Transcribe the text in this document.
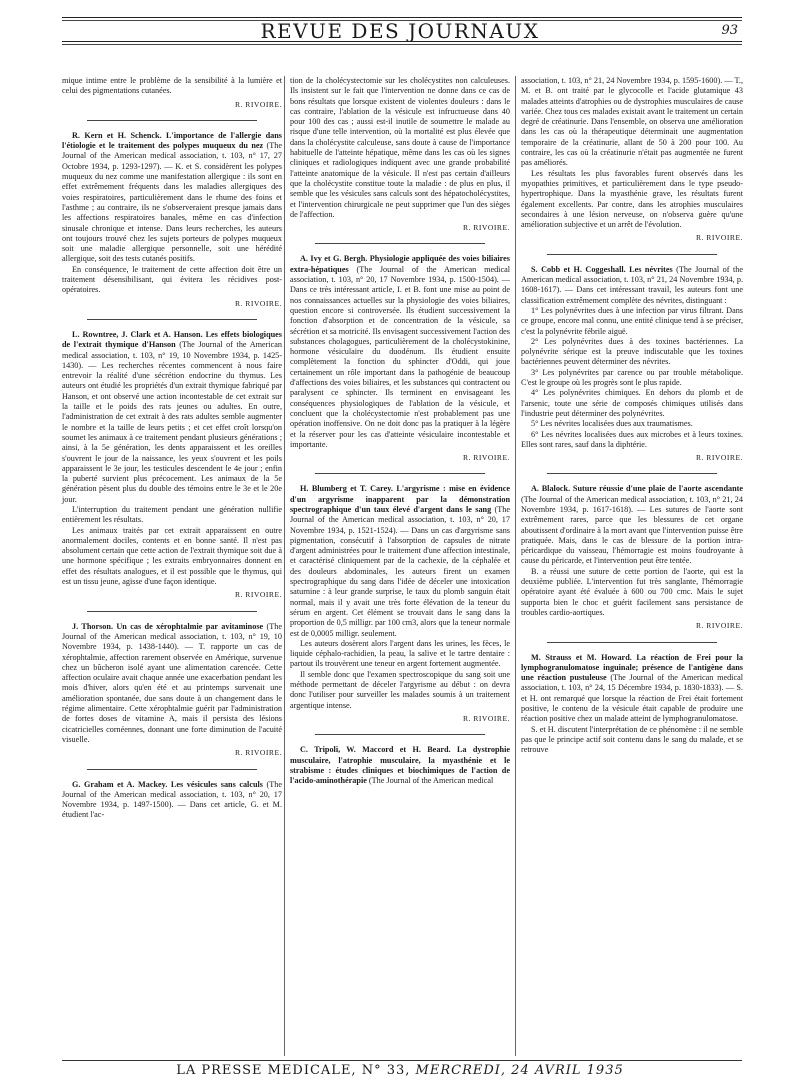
REVUE DES JOURNAUX	93

mique intime entre le problème de la sensibilité à la lumière et celui des pigmentations cutanées.

R. RIVOIRE.

R. Kern et H. Schenck. L'importance de l'allergie dans l'étiologie et le traitement des polypes muqueux du nez (The Journal of the American medical association, t. 103, n° 17, 27 Octobre 1934, p. 1293-1297). — K. et S. considèrent les polypes muqueux du nez comme une manifestation allergique : ils sont en effet extrêmement fréquents dans les maladies allergiques des voies respiratoires, particulièrement dans le rhume des foins et l'asthme ; au contraire, ils ne s'observeraient presque jamais dans les affections respiratoires banales, même en cas d'infection sinusale chronique et intense. Dans leurs recherches, les auteurs ont toujours trouvé chez les sujets porteurs de polypes muqueux soit une maladie allergique personnelle, soit une hérédité allergique, soit des tests cutanés positifs.

En conséquence, le traitement de cette affection doit être un traitement désensibilisant, qui évitera les récidives post-opératoires.

R. RIVOIRE.

L. Rowntree, J. Clark et A. Hanson. Les effets biologiques de l'extrait thymique d'Hanson (The Journal of the American medical association, t. 103, n° 19, 10 Novembre 1934, p. 1425-1430). — Les recherches récentes commencent à nous faire entrevoir la réalité d'une sécrétion endocrine du thymus. Les auteurs ont étudié les propriétés d'un extrait thymique fabriqué par Hanson, et ont observé une action incontestable de cet extrait sur la taille et le poids des rats jeunes ou adultes. En outre, l'administration de cet extrait à des rats adultes semble augmenter le nombre et la taille de leurs petits ; et cet effet croît lorsqu'on soumet les animaux à ce traitement pendant plusieurs générations ; ainsi, à la 5e génération, les dents apparaissent et les oreilles s'ouvrent le jour de la naissance, les yeux s'ouvrent et les poils apparaissent le 3e jour, les testicules descendent le 4e jour ; enfin la puberté survient plus précocement. Les animaux de la 5e génération pèsent plus du double des témoins entre le 3e et le 20e jour.

L'interruption du traitement pendant une génération nullifie entièrement les résultats.

Les animaux traités par cet extrait apparaissent en outre anormalement dociles, contents et en bonne santé. Il n'est pas absolument certain que cette action de l'extrait thymique soit due à une hormone spécifique ; les extraits embryonnaires donnent en effet des résultats analogues, et il est possible que le thymus, qui est un tissu jeune, agisse d'une façon identique.

R. RIVOIRE.

J. Thorson. Un cas de xérophtalmie par avitaminose (The Journal of the American medical association, t. 103, n° 19, 10 Novembre 1934, p. 1438-1440). — T. rapporte un cas de xérophtalmie, affection rarement observée en Amérique, survenue chez un bûcheron isolé ayant une alimentation carencée. Cette affection oculaire avait chaque année une exacerbation pendant les mois d'hiver, alors qu'en été et au printemps survenait une amélioration spontanée, due sans doute à un changement dans le régime alimentaire. Cette xérophtalmie guérit par l'administration de fortes doses de vitamine A, mais il persista des lésions cicatricielles cornéennes, donnant une forte diminution de l'acuité visuelle.

R. RIVOIRE.

G. Graham et A. Mackey. Les vésicules sans calculs (The Journal of the American medical association, t. 103, n° 20, 17 Novembre 1934, p. 1497-1500). — Dans cet article, G. et M. étudient l'ac-

tion de la cholécystectomie sur les cholécystites non calculeuses. Ils insistent sur le fait que l'intervention ne donne dans ce cas de bons résultats que lorsque existent de violentes douleurs : dans le cas contraire, l'ablation de la vésicule est infructueuse dans 40 pour 100 des cas ; aussi est-il inutile de soumettre le malade au risque d'une telle intervention, où la mortalité est plus élevée que dans la cholécystite calculeuse, sans doute à cause de l'importance habituelle de l'atteinte hépatique, même dans les cas où les signes cliniques et radiologiques indiquent avec une grande probabilité l'atteinte anatomique de la vésicule. Il n'est pas certain d'ailleurs que la cholécystite constitue toute la maladie : de plus en plus, il semble que les vésicules sans calculs sont des hépatocholécystites, et l'intervention chirurgicale ne peut supprimer que l'un des sièges de l'affection.

R. RIVOIRE.

A. Ivy et G. Bergh. Physiologie appliquée des voies biliaires extra-hépatiques (The Journal of the American medical association, t. 103, n° 20, 17 Novembre 1934, p. 1500-1504). — Dans ce très intéressant article, I. et B. font une mise au point de nos connaissances actuelles sur la physiologie des voies biliaires, question encore si controversée. Ils étudient successivement la fonction d'absorption et de concentration de la vésicule, sa sécrétion et sa motricité. Ils envisagent successivement l'action des substances cholagogues, particulièrement de la cholécystokinine, hormone vésiculaire du duodénum. Ils étudient ensuite complètement la fonction du sphincter d'Oddi, qui joue certainement un rôle important dans la pathogénie de beaucoup d'affections des voies biliaires, et les substances qui contractent ou paralysent ce sphincter. Ils terminent en envisageant les conséquences physiologiques de l'ablation de la vésicule, et concluent que la cholécystectomie n'est probablement pas une opération inoffensive. On ne doit donc pas la pratiquer à la légère et la réserver pour les cas d'atteinte vésiculaire incontestable et importante.

R. RIVOIRE.

H. Blumberg et T. Carey. L'argyrisme : mise en évidence d'un argyrisme inapparent par la démonstration spectrographique d'un taux élevé d'argent dans le sang (The Journal of the American medical association, t. 103, n° 20, 17 Novembre 1934, p. 1521-1524). — Dans un cas d'argyrisme sans pigmentation, consécutif à l'absorption de capsules de nitrate d'argent administrées pour le traitement d'une affection intestinale, et caractérisé cliniquement par de la cachexie, de la céphalée et des douleurs abdominales, les auteurs firent un examen spectrographique du sang dans l'idée de déceler une intoxication saturnine : à leur grande surprise, le taux du plomb sanguin était normal, mais il y avait une très forte élévation de la teneur du sérum en argent. Cet élément se trouvait dans le sang dans la proportion de 0,5 milligr. par 100 cm3, alors que la teneur normale est de 0,0005 milligr. seulement.

Les auteurs dosèrent alors l'argent dans les urines, les fèces, le liquide céphalo-rachidien, la peau, la salive et le tartre dentaire : partout ils trouvèrent une teneur en argent fortement augmentée.

Il semble donc que l'examen spectroscopique du sang soit une méthode permettant de déceler l'argyrisme au début : on devra donc l'utiliser pour surveiller les malades soumis à un traitement argentique intense.

R. RIVOIRE.

C. Tripoli, W. Maccord et H. Beard. La dystrophie musculaire, l'atrophie musculaire, la myasthénie et le strabisme : études cliniques et biochimiques de l'action de l'acido-aminothérapie (The Journal of the American medical

association, t. 103, n° 21, 24 Novembre 1934, p. 1595-1600). — T., M. et B. ont traité par le glycocolle et l'acide glutamique 43 malades atteints d'atrophies ou de dystrophies musculaires de cause variée. Chez tous ces malades existait avant le traitement un certain degré de créatinurie. Dans l'ensemble, on observa une amélioration dans les cas où la thérapeutique déterminait une augmentation temporaire de la créatinurie, allant de 50 à 200 pour 100. Au contraire, les cas où la créatinurie n'était pas augmentée ne furent pas améliorés.

Les résultats les plus favorables furent observés dans les myopathies primitives, et particulièrement dans le type pseudo-hypertrophique. Dans la myasthénie grave, les résultats furent également excellents. Par contre, dans les atrophies musculaires secondaires à une lésion nerveuse, on n'observa guère qu'une amélioration subjective et un arrêt de l'évolution.

R. RIVOIRE.

S. Cobb et H. Coggeshall. Les névrites (The Journal of the American medical association, t. 103, n° 21, 24 Novembre 1934, p. 1608-1617). — Dans cet intéressant travail, les auteurs font une classification extrêmement complète des névrites, distinguant :

1° Les polynévrites dues à une infection par virus filtrant. Dans ce groupe, encore mal connu, une entité clinique tend à se préciser, c'est la polynévrite fébrile aiguë.

2° Les polynévrites dues à des toxines bactériennes. La polynévrite sérique est la preuve indiscutable que les toxines bactériennes peuvent déterminer des névrites.

3° Les polynévrites par carence ou par trouble métabolique. C'est le groupe où les progrès sont le plus rapide.

4° Les polynévrites chimiques. En dehors du plomb et de l'arsenic, toute une série de composés chimiques utilisés dans l'industrie peut déterminer des polynévrites.

5° Les névrites localisées dues aux traumatismes.

6° Les névrites localisées dues aux microbes et à leurs toxines. Elles sont rares, sauf dans la diphtérie.

R. RIVOIRE.

A. Blalock. Suture réussie d'une plaie de l'aorte ascendante (The Journal of the American medical association, t. 103, n° 21, 24 Novembre 1934, p. 1617-1618). — Les sutures de l'aorte sont extrêmement rares, parce que les blessures de cet organe aboutissent d'ordinaire à la mort avant que l'intervention puisse être pratiquée. Mais, dans le cas de blessure de la portion intra-péricardique du vaisseau, l'hémorragie est moins foudroyante à cause du péricarde, et l'intervention peut être tentée.

B. a réussi une suture de cette portion de l'aorte, qui est la deuxième publiée. L'intervention fut très sanglante, l'hémorragie opératoire ayant été évaluée à 600 ou 700 cmc. Mais le sujet supporta bien le choc et guérit facilement sans persistance de troubles cardio-aortiques.

R. RIVOIRE.

M. Strauss et M. Howard. La réaction de Frei pour la lymphogranulomatose inguinale; présence de l'antigène dans une réaction pustuleuse (The Journal of the American medical association, t. 103, n° 24, 15 Décembre 1934, p. 1830-1833). — S. et H. ont remarqué que lorsque la réaction de Frei était fortement positive, le contenu de la vésicule était capable de produire une réaction positive chez un malade atteint de lymphogranulomatose.

S. et H. discutent l'interprétation de ce phénomène : il ne semble pas que le principe actif soit contenu dans le sang du malade, et se retrouve

LA PRESSE MEDICALE, N° 33, MERCREDI, 24 AVRIL 1935
